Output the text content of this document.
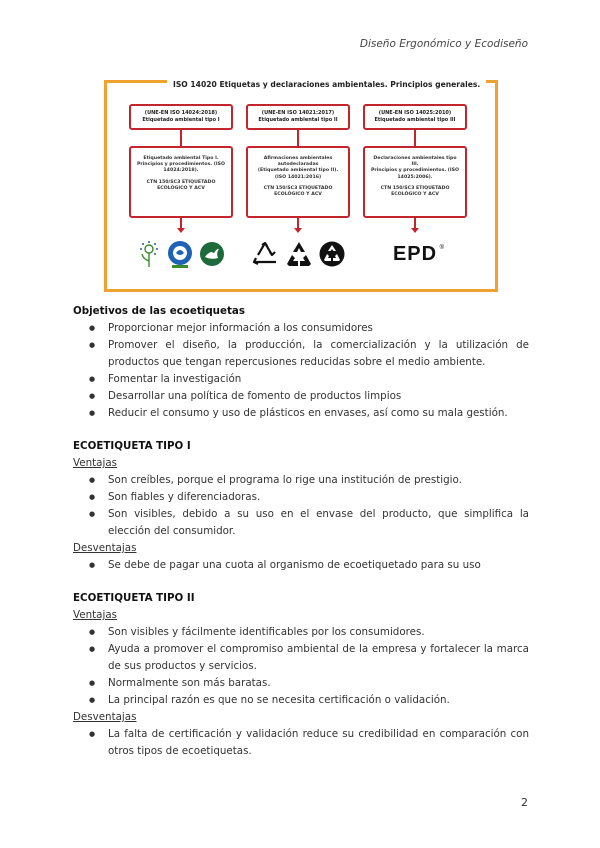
Diseño Ergonómico y Ecodiseño
ISO 14020 Etiquetas y declaraciones ambientales. Principios generales.
(UNE-EN ISO 14024:2018) Etiquetado ambiental tipo I
Etiquetado ambiental Tipo I.
Principios y procedimientos. (ISO 14024:2018).
CTN 150/SC3 ETIQUETADO ECOLÓGICO Y ACV
(UNE-EN ISO 14021:2017) Etiquetado ambiental tipo II
Afirmaciones ambientales autodeclaradas
(Etiquetado ambiental tipo II). (ISO 14021:2016)
CTN 150/SC3 ETIQUETADO ECOLÓGICO Y ACV
(UNE-EN ISO 14025:2010) Etiquetado ambiental tipo III
Declaraciones ambientales tipo III.
Principios y procedimientos. (ISO 14025:2006).
CTN 150/SC3 ETIQUETADO ECOLÓGICO Y ACV
EPD ®
Objetivos de las ecoetiquetas
● Proporcionar mejor información a los consumidores
● Promover el diseño, la producción, la comercialización y la utilización de productos que tengan repercusiones reducidas sobre el medio ambiente.
● Fomentar la investigación
● Desarrollar una política de fomento de productos limpios
● Reducir el consumo y uso de plásticos en envases, así como su mala gestión.
ECOETIQUETA TIPO I
Ventajas
● Son creíbles, porque el programa lo rige una institución de prestigio.
● Son fiables y diferenciadoras.
● Son visibles, debido a su uso en el envase del producto, que simplifica la elección del consumidor.
Desventajas
● Se debe de pagar una cuota al organismo de ecoetiquetado para su uso
ECOETIQUETA TIPO II
Ventajas
● Son visibles y fácilmente identificables por los consumidores.
● Ayuda a promover el compromiso ambiental de la empresa y fortalecer la marca de sus productos y servicios.
● Normalmente son más baratas.
● La principal razón es que no se necesita certificación o validación.
Desventajas
● La falta de certificación y validación reduce su credibilidad en comparación con otros tipos de ecoetiquetas.
2
